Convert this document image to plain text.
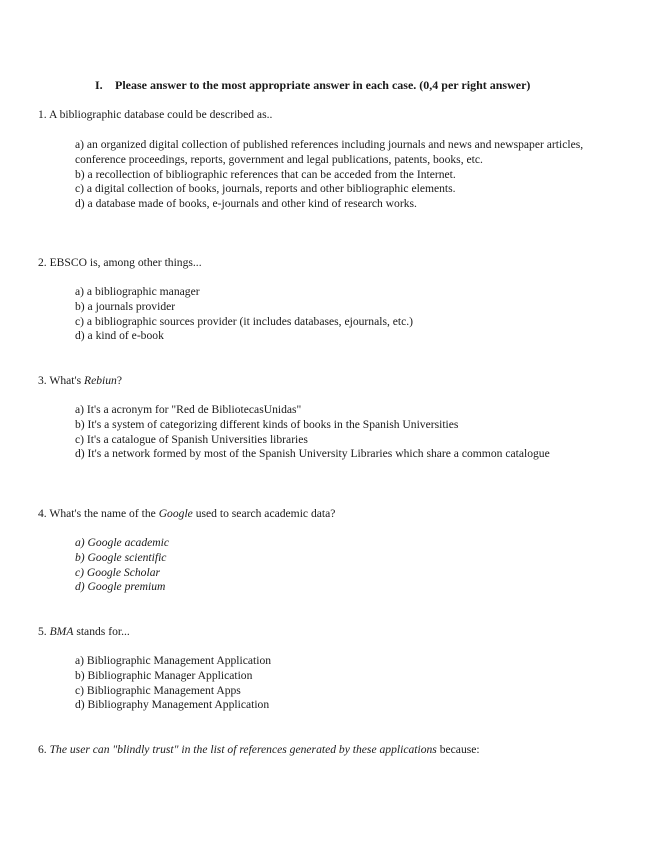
I. Please answer to the most appropriate answer in each case. (0,4 per right answer)
1. A bibliographic database could be described as..
a) an organized digital collection of published references including journals and news and newspaper articles, conference proceedings, reports, government and legal publications, patents, books, etc.
b) a recollection of bibliographic references that can be acceded from the Internet.
c) a digital collection of books, journals, reports and other bibliographic elements.
d) a database made of books, e-journals and other kind of research works.
2. EBSCO is, among other things...
a) a bibliographic manager
b) a journals provider
c) a bibliographic sources provider (it includes databases, ejournals, etc.)
d) a kind of e-book
3. What's Rebiun?
a) It's a acronym for "Red de BibliotecasUnidas"
b) It's a system of categorizing different kinds of books in the Spanish Universities
c) It's a catalogue of Spanish Universities libraries
d) It's a network formed by most of the Spanish University Libraries which share a common catalogue
4. What's the name of the Google used to search academic data?
a) Google academic
b) Google scientific
c) Google Scholar
d) Google premium
5. BMA stands for...
a) Bibliographic Management Application
b) Bibliographic Manager Application
c) Bibliographic Management Apps
d) Bibliography Management Application
6. The user can "blindly trust" in the list of references generated by these applications because:
